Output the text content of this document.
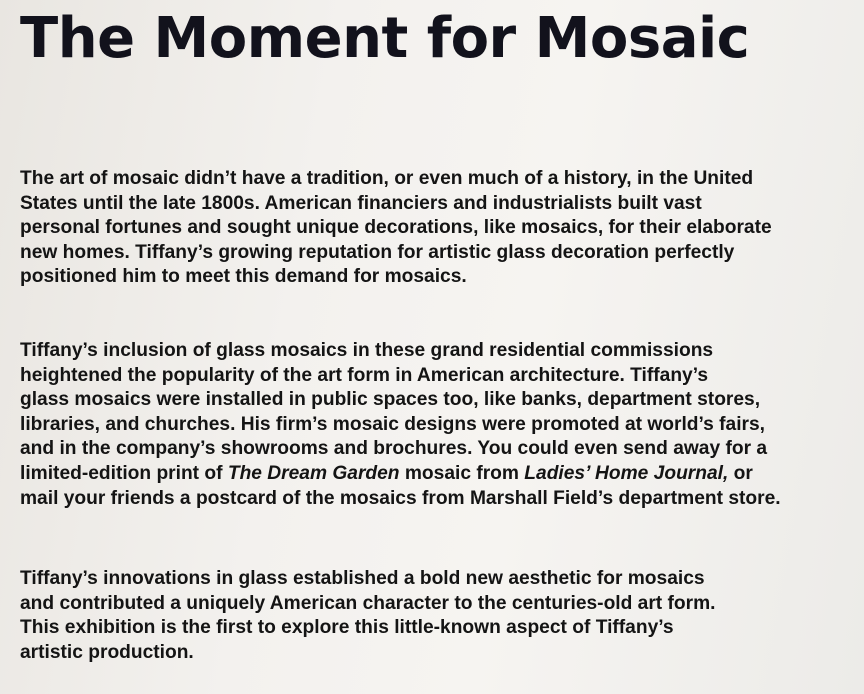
The Moment for Mosaic

The art of mosaic didn’t have a tradition, or even much of a history, in the United
States until the late 1800s. American financiers and industrialists built vast
personal fortunes and sought unique decorations, like mosaics, for their elaborate
new homes. Tiffany’s growing reputation for artistic glass decoration perfectly
positioned him to meet this demand for mosaics.

Tiffany’s inclusion of glass mosaics in these grand residential commissions
heightened the popularity of the art form in American architecture. Tiffany’s
glass mosaics were installed in public spaces too, like banks, department stores,
libraries, and churches. His firm’s mosaic designs were promoted at world’s fairs,
and in the company’s showrooms and brochures. You could even send away for a
limited-edition print of The Dream Garden mosaic from Ladies’ Home Journal, or
mail your friends a postcard of the mosaics from Marshall Field’s department store.

Tiffany’s innovations in glass established a bold new aesthetic for mosaics
and contributed a uniquely American character to the centuries-old art form.
This exhibition is the first to explore this little-known aspect of Tiffany’s
artistic production.
